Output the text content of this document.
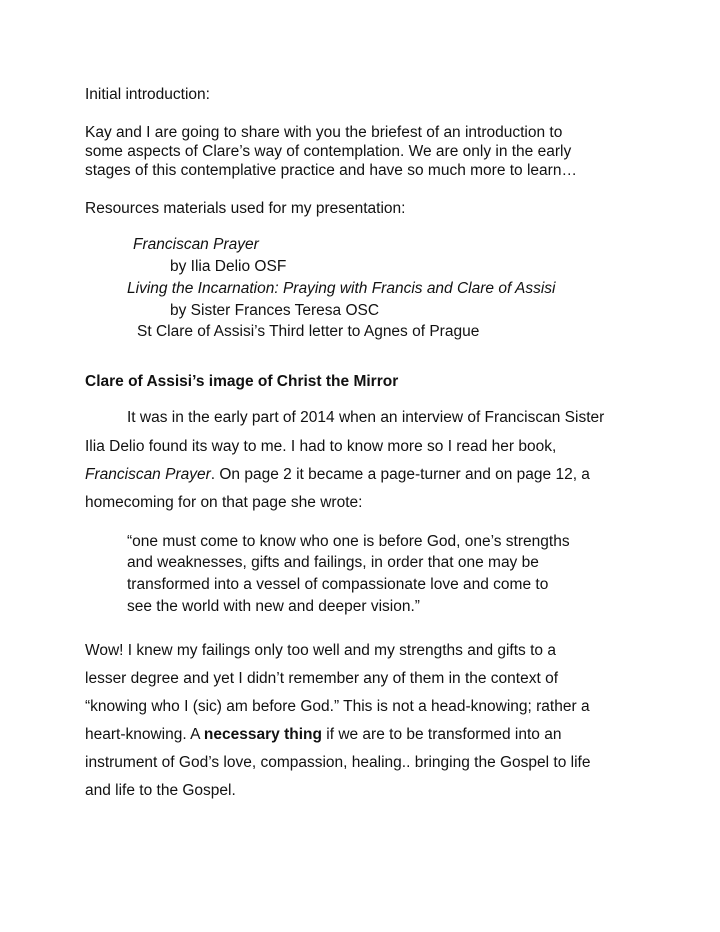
Initial introduction:
Kay and I are going to share with you the briefest of an introduction to
some aspects of Clare’s way of contemplation. We are only in the early
stages of this contemplative practice and have so much more to learn…
Resources materials used for my presentation:
Franciscan Prayer
by Ilia Delio OSF
Living the Incarnation: Praying with Francis and Clare of Assisi
by Sister Frances Teresa OSC
St Clare of Assisi’s Third letter to Agnes of Prague
Clare of Assisi’s image of Christ the Mirror
It was in the early part of 2014 when an interview of Franciscan Sister
Ilia Delio found its way to me. I had to know more so I read her book,
Franciscan Prayer. On page 2 it became a page-turner and on page 12, a
homecoming for on that page she wrote:
“one must come to know who one is before God, one’s strengths
and weaknesses, gifts and failings, in order that one may be
transformed into a vessel of compassionate love and come to
see the world with new and deeper vision.”
Wow! I knew my failings only too well and my strengths and gifts to a
lesser degree and yet I didn’t remember any of them in the context of
“knowing who I (sic) am before God.” This is not a head-knowing; rather a
heart-knowing. A necessary thing if we are to be transformed into an
instrument of God’s love, compassion, healing.. bringing the Gospel to life
and life to the Gospel.
